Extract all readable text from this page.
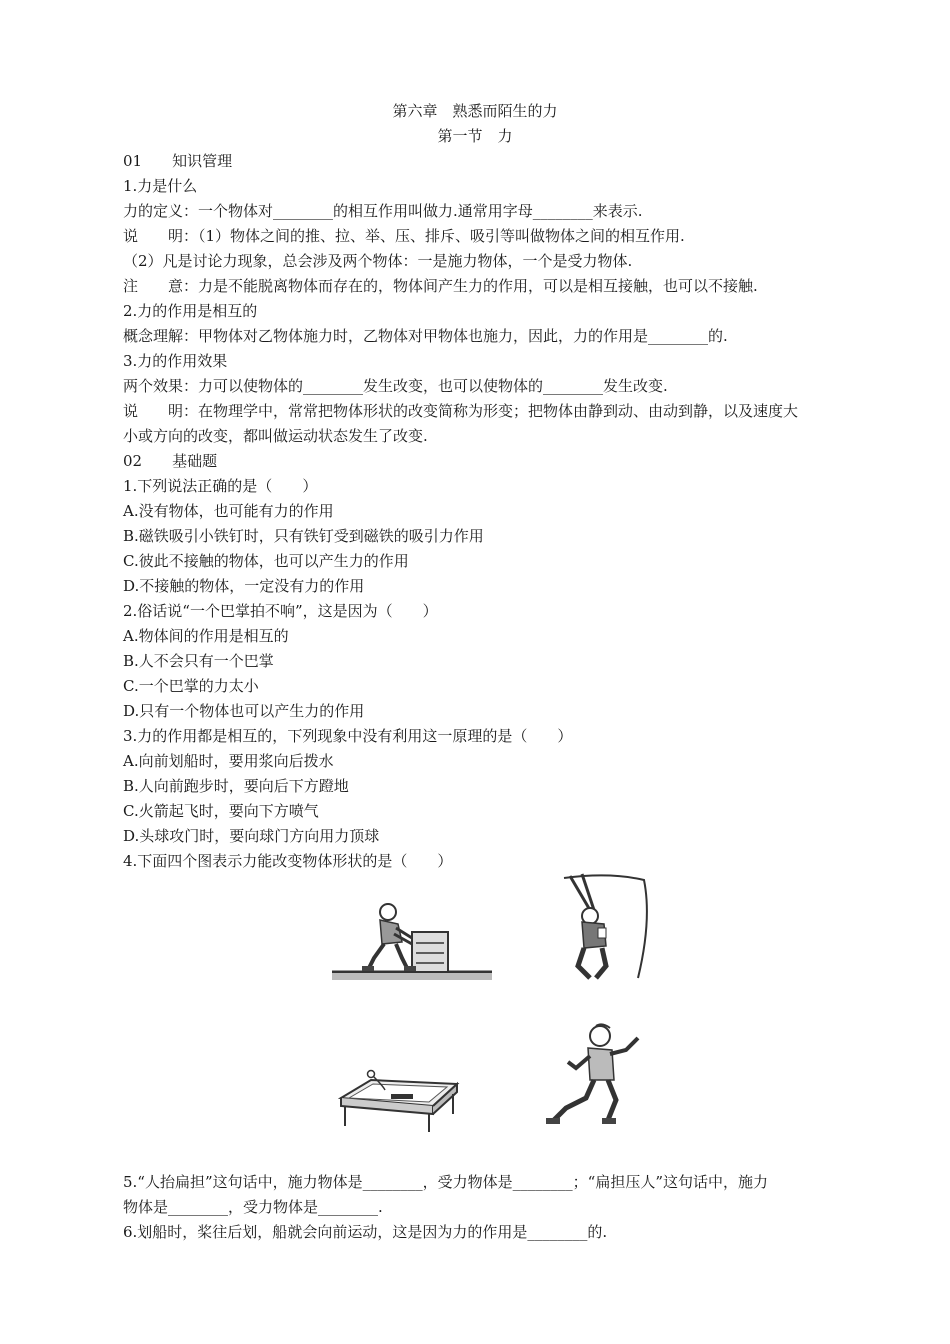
第六章　熟悉而陌生的力
第一节　力
01　　知识管理
1.力是什么
力的定义：一个物体对________的相互作用叫做力.通常用字母________来表示.
说　　明：（1）物体之间的推、拉、举、压、排斥、吸引等叫做物体之间的相互作用.
（2）凡是讨论力现象，总会涉及两个物体：一是施力物体，一个是受力物体.
注　　意：力是不能脱离物体而存在的，物体间产生力的作用，可以是相互接触，也可以不接触.
2.力的作用是相互的
概念理解：甲物体对乙物体施力时，乙物体对甲物体也施力，因此，力的作用是________的.
3.力的作用效果
两个效果：力可以使物体的________发生改变，也可以使物体的________发生改变.
说　　明：在物理学中，常常把物体形状的改变简称为形变；把物体由静到动、由动到静，以及速度大
小或方向的改变，都叫做运动状态发生了改变.
02　　基础题
1.下列说法正确的是（　　）
A.没有物体，也可能有力的作用
B.磁铁吸引小铁钉时，只有铁钉受到磁铁的吸引力作用
C.彼此不接触的物体，也可以产生力的作用
D.不接触的物体，一定没有力的作用
2.俗话说“一个巴掌拍不响”，这是因为（　　）
A.物体间的作用是相互的
B.人不会只有一个巴掌
C.一个巴掌的力太小
D.只有一个物体也可以产生力的作用
3.力的作用都是相互的，下列现象中没有利用这一原理的是（　　）
A.向前划船时，要用浆向后拨水
B.人向前跑步时，要向后下方蹬地
C.火箭起飞时，要向下方喷气
D.头球攻门时，要向球门方向用力顶球
4.下面四个图表示力能改变物体形状的是（　　）
5.“人抬扁担”这句话中，施力物体是________，受力物体是________；“扁担压人”这句话中，施力
物体是________，受力物体是________.
6.划船时，桨往后划，船就会向前运动，这是因为力的作用是________的.
